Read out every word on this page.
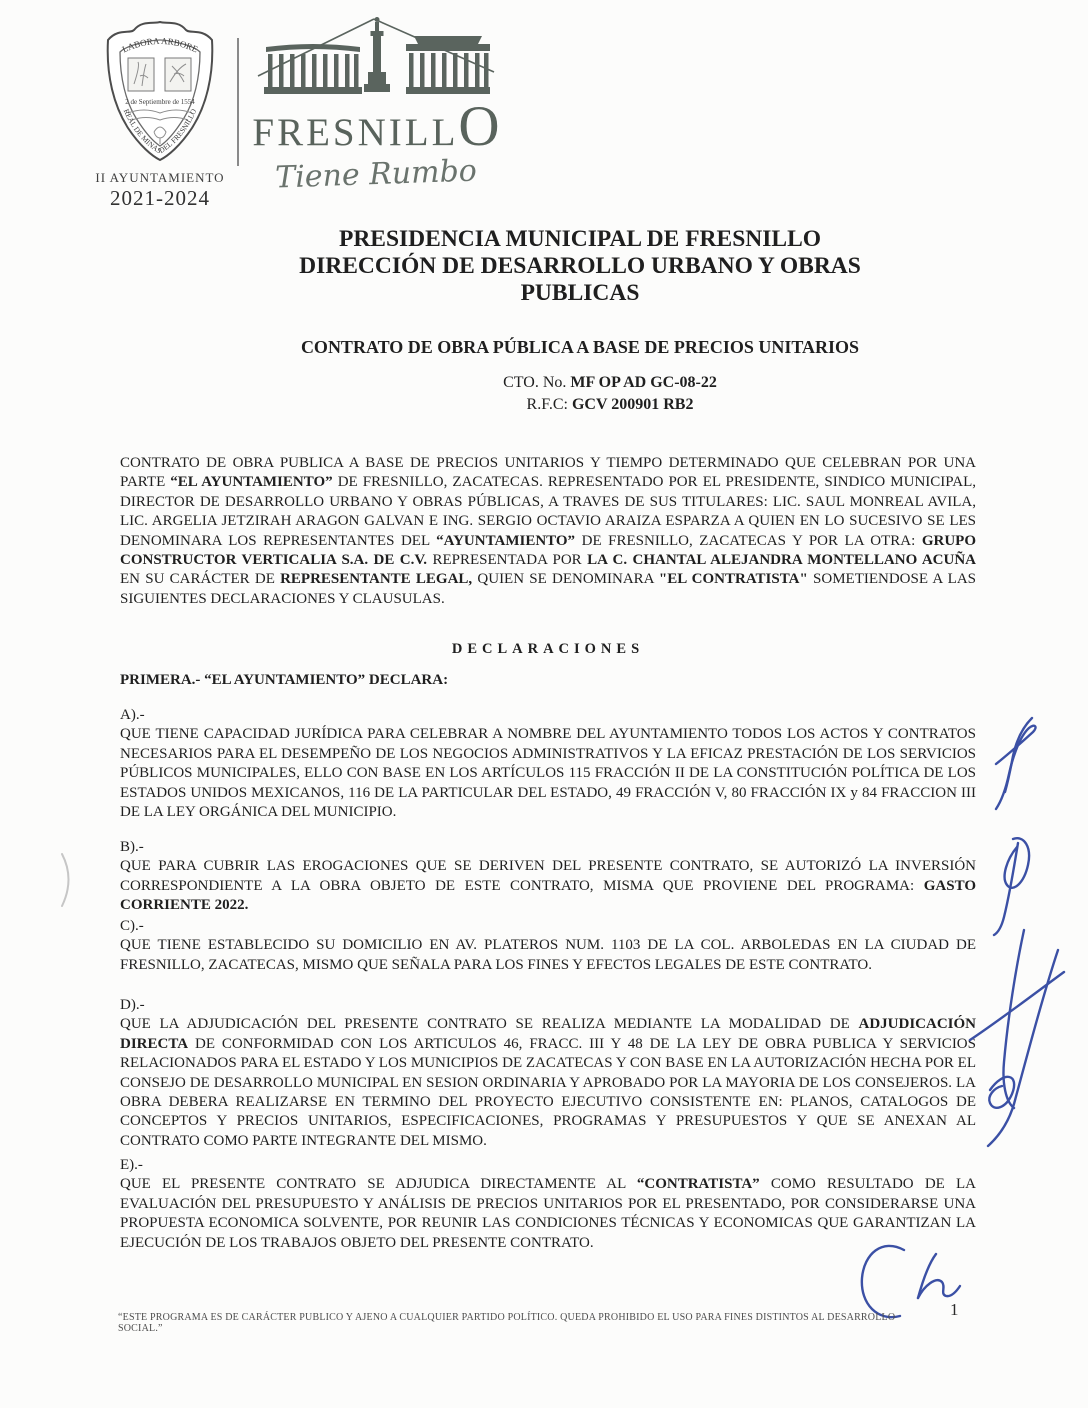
LABORA ARBORE
2 de Septiembre de 1554
REAL DE MINAS DEL FRESNILLO
II AYUNTAMIENTO
2021-2024
FRESNILL O
Tiene Rumbo
PRESIDENCIA MUNICIPAL DE FRESNILLO
DIRECCIÓN DE DESARROLLO URBANO Y OBRAS PUBLICAS
CONTRATO DE OBRA PÚBLICA A BASE DE PRECIOS UNITARIOS
CTO. No. MF OP AD GC-08-22
R.F.C: GCV 200901 RB2
CONTRATO DE OBRA PUBLICA A BASE DE PRECIOS UNITARIOS Y TIEMPO DETERMINADO QUE CELEBRAN POR UNA PARTE “EL AYUNTAMIENTO” DE FRESNILLO, ZACATECAS. REPRESENTADO POR EL PRESIDENTE, SINDICO MUNICIPAL, DIRECTOR DE DESARROLLO URBANO Y OBRAS PÚBLICAS, A TRAVES DE SUS TITULARES: LIC. SAUL MONREAL AVILA, LIC. ARGELIA JETZIRAH ARAGON GALVAN E ING. SERGIO OCTAVIO ARAIZA ESPARZA A QUIEN EN LO SUCESIVO SE LES DENOMINARA LOS REPRESENTANTES DEL “AYUNTAMIENTO” DE FRESNILLO, ZACATECAS Y POR LA OTRA: GRUPO CONSTRUCTOR VERTICALIA S.A. DE C.V. REPRESENTADA POR LA C. CHANTAL ALEJANDRA MONTELLANO ACUÑA EN SU CARÁCTER DE REPRESENTANTE LEGAL, QUIEN SE DENOMINARA "EL CONTRATISTA" SOMETIENDOSE A LAS SIGUIENTES DECLARACIONES Y CLAUSULAS.
DECLARACIONES
PRIMERA.- “EL AYUNTAMIENTO” DECLARA:
A).-
QUE TIENE CAPACIDAD JURÍDICA PARA CELEBRAR A NOMBRE DEL AYUNTAMIENTO TODOS LOS ACTOS Y CONTRATOS NECESARIOS PARA EL DESEMPEÑO DE LOS NEGOCIOS ADMINISTRATIVOS Y LA EFICAZ PRESTACIÓN DE LOS SERVICIOS PÚBLICOS MUNICIPALES, ELLO CON BASE EN LOS ARTÍCULOS 115 FRACCIÓN II DE LA CONSTITUCIÓN POLÍTICA DE LOS ESTADOS UNIDOS MEXICANOS, 116 DE LA PARTICULAR DEL ESTADO, 49 FRACCIÓN V, 80 FRACCIÓN IX y 84 FRACCION III DE LA LEY ORGÁNICA DEL MUNICIPIO.
B).-
QUE PARA CUBRIR LAS EROGACIONES QUE SE DERIVEN DEL PRESENTE CONTRATO, SE AUTORIZÓ LA INVERSIÓN CORRESPONDIENTE A LA OBRA OBJETO DE ESTE CONTRATO, MISMA QUE PROVIENE DEL PROGRAMA: GASTO CORRIENTE 2022.
C).-
QUE TIENE ESTABLECIDO SU DOMICILIO EN AV. PLATEROS NUM. 1103 DE LA COL. ARBOLEDAS EN LA CIUDAD DE FRESNILLO, ZACATECAS, MISMO QUE SEÑALA PARA LOS FINES Y EFECTOS LEGALES DE ESTE CONTRATO.
D).-
QUE LA ADJUDICACIÓN DEL PRESENTE CONTRATO SE REALIZA MEDIANTE LA MODALIDAD DE ADJUDICACIÓN DIRECTA DE CONFORMIDAD CON LOS ARTICULOS 46, FRACC. III Y 48 DE LA LEY DE OBRA PUBLICA Y SERVICIOS RELACIONADOS PARA EL ESTADO Y LOS MUNICIPIOS DE ZACATECAS Y CON BASE EN LA AUTORIZACIÓN HECHA POR EL CONSEJO DE DESARROLLO MUNICIPAL EN SESION ORDINARIA Y APROBADO POR LA MAYORIA DE LOS CONSEJEROS. LA OBRA DEBERA REALIZARSE EN TERMINO DEL PROYECTO EJECUTIVO CONSISTENTE EN: PLANOS, CATALOGOS DE CONCEPTOS Y PRECIOS UNITARIOS, ESPECIFICACIONES, PROGRAMAS Y PRESUPUESTOS Y QUE SE ANEXAN AL CONTRATO COMO PARTE INTEGRANTE DEL MISMO.
E).-
QUE EL PRESENTE CONTRATO SE ADJUDICA DIRECTAMENTE AL “CONTRATISTA” COMO RESULTADO DE LA EVALUACIÓN DEL PRESUPUESTO Y ANÁLISIS DE PRECIOS UNITARIOS POR EL PRESENTADO, POR CONSIDERARSE UNA PROPUESTA ECONOMICA SOLVENTE, POR REUNIR LAS CONDICIONES TÉCNICAS Y ECONOMICAS QUE GARANTIZAN LA EJECUCIÓN DE LOS TRABAJOS OBJETO DEL PRESENTE CONTRATO.
“ESTE PROGRAMA ES DE CARÁCTER PUBLICO Y AJENO A CUALQUIER PARTIDO POLÍTICO. QUEDA PROHIBIDO EL USO PARA FINES DISTINTOS AL DESARROLLO SOCIAL.”
1
